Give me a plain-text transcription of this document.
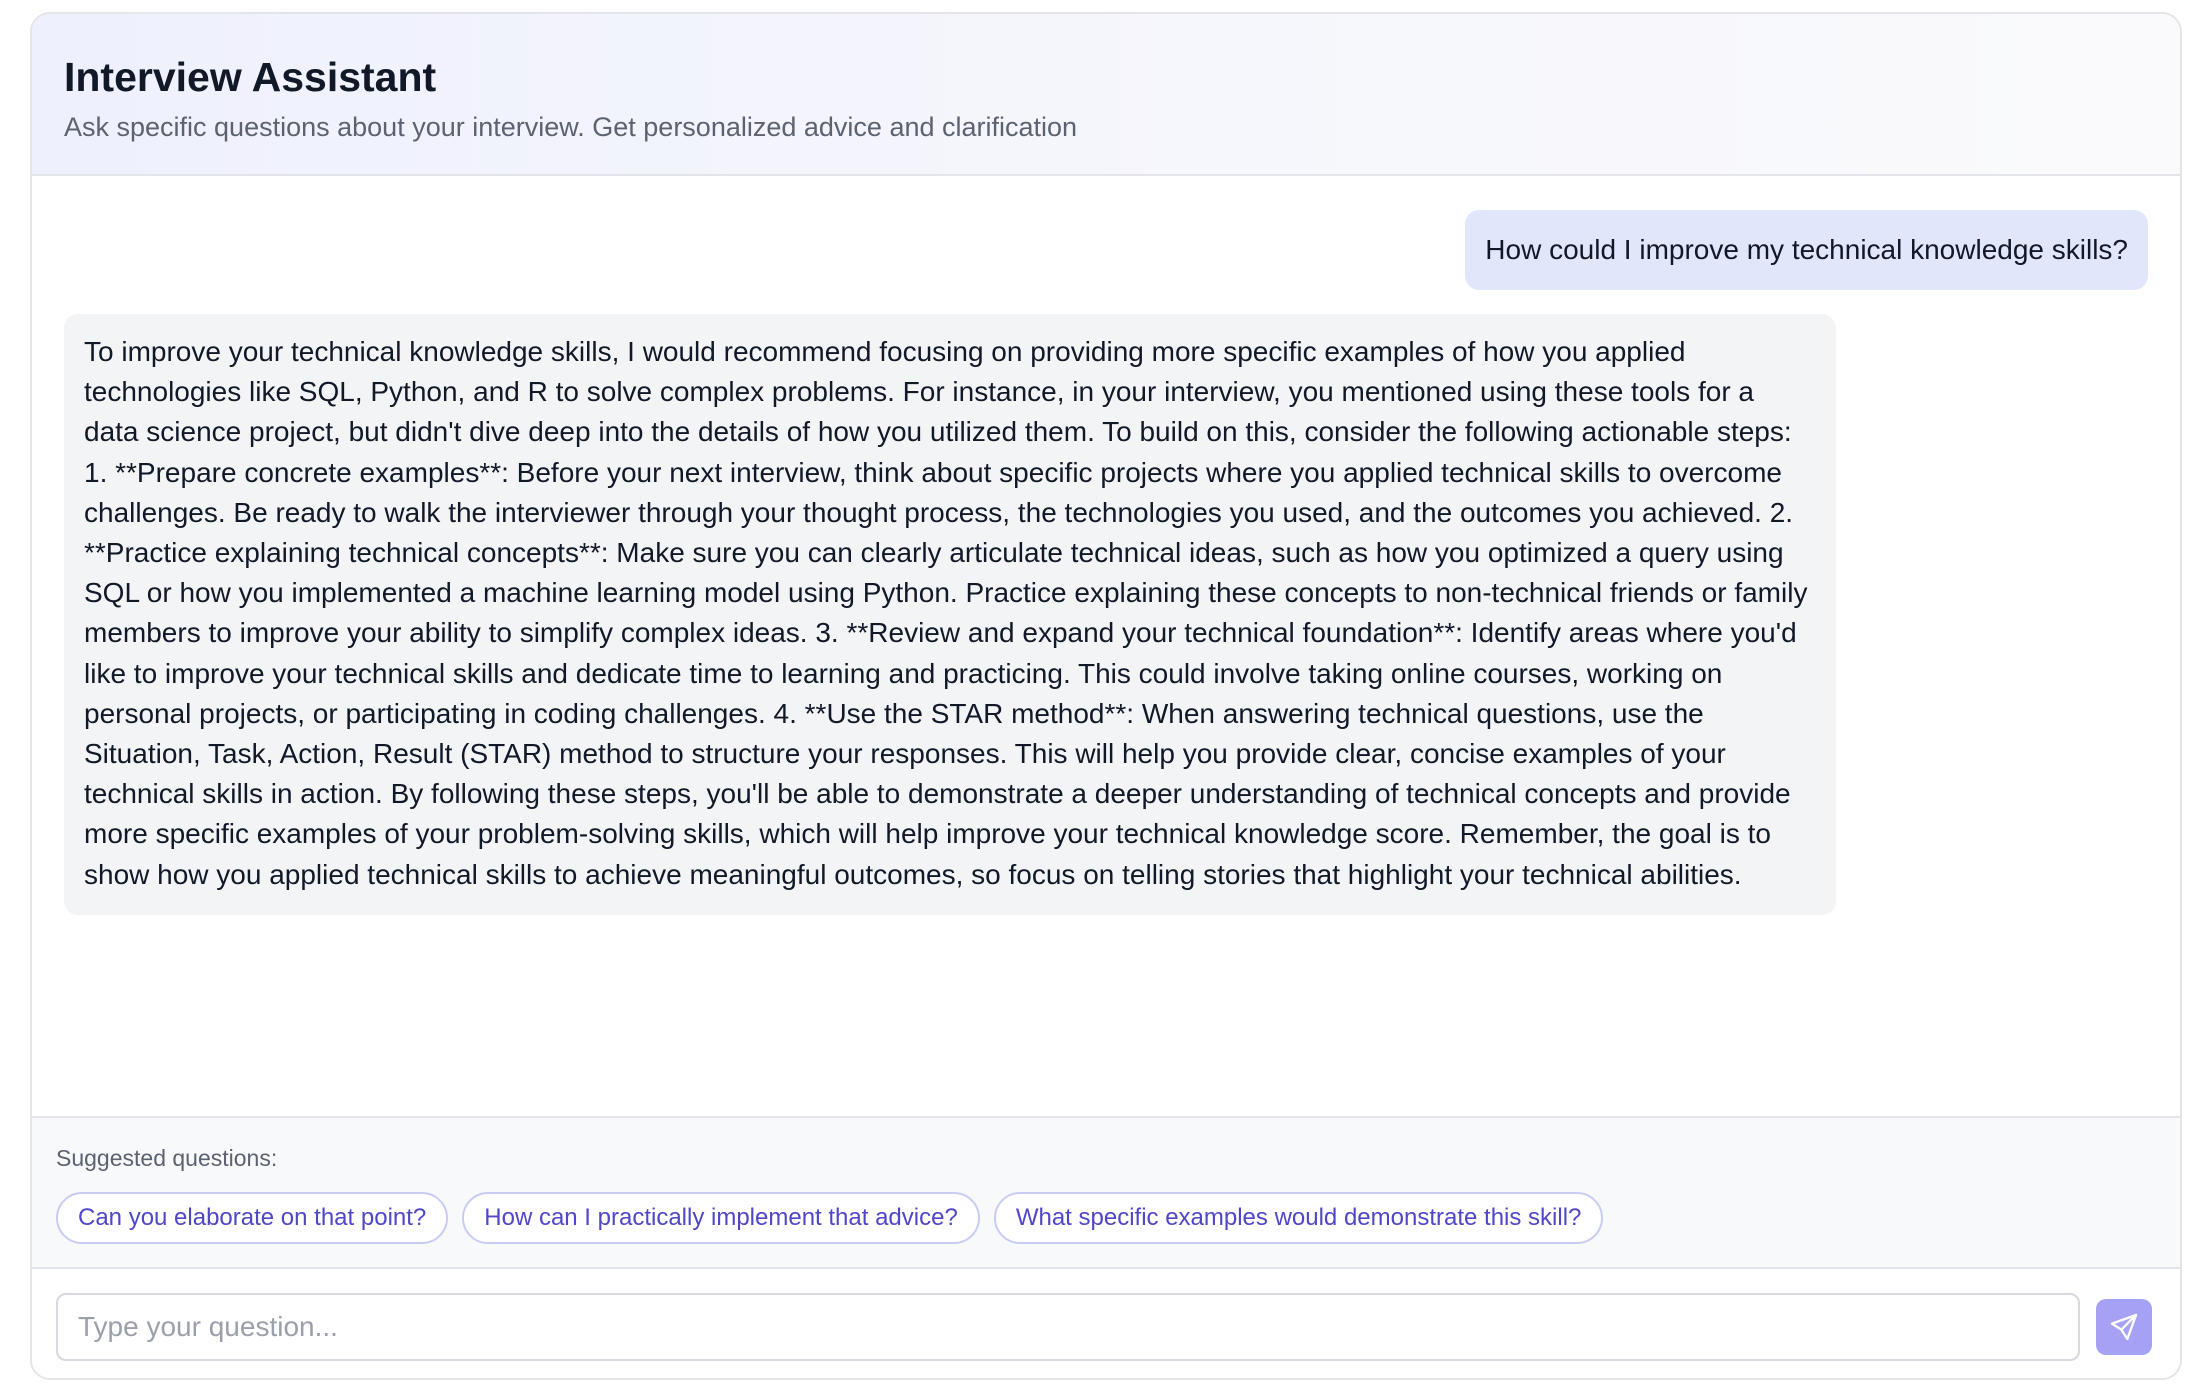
Interview Assistant
Ask specific questions about your interview. Get personalized advice and clarification
How could I improve my technical knowledge skills?
To improve your technical knowledge skills, I would recommend focusing on providing more specific examples of how you applied technologies like SQL, Python, and R to solve complex problems. For instance, in your interview, you mentioned using these tools for a data science project, but didn't dive deep into the details of how you utilized them. To build on this, consider the following actionable steps: 1. **Prepare concrete examples**: Before your next interview, think about specific projects where you applied technical skills to overcome challenges. Be ready to walk the interviewer through your thought process, the technologies you used, and the outcomes you achieved. 2. **Practice explaining technical concepts**: Make sure you can clearly articulate technical ideas, such as how you optimized a query using SQL or how you implemented a machine learning model using Python. Practice explaining these concepts to non-technical friends or family members to improve your ability to simplify complex ideas. 3. **Review and expand your technical foundation**: Identify areas where you'd like to improve your technical skills and dedicate time to learning and practicing. This could involve taking online courses, working on personal projects, or participating in coding challenges. 4. **Use the STAR method**: When answering technical questions, use the Situation, Task, Action, Result (STAR) method to structure your responses. This will help you provide clear, concise examples of your technical skills in action. By following these steps, you'll be able to demonstrate a deeper understanding of technical concepts and provide more specific examples of your problem-solving skills, which will help improve your technical knowledge score. Remember, the goal is to show how you applied technical skills to achieve meaningful outcomes, so focus on telling stories that highlight your technical abilities.
Suggested questions:
Can you elaborate on that point?	How can I practically implement that advice?	What specific examples would demonstrate this skill?
Type your question...
